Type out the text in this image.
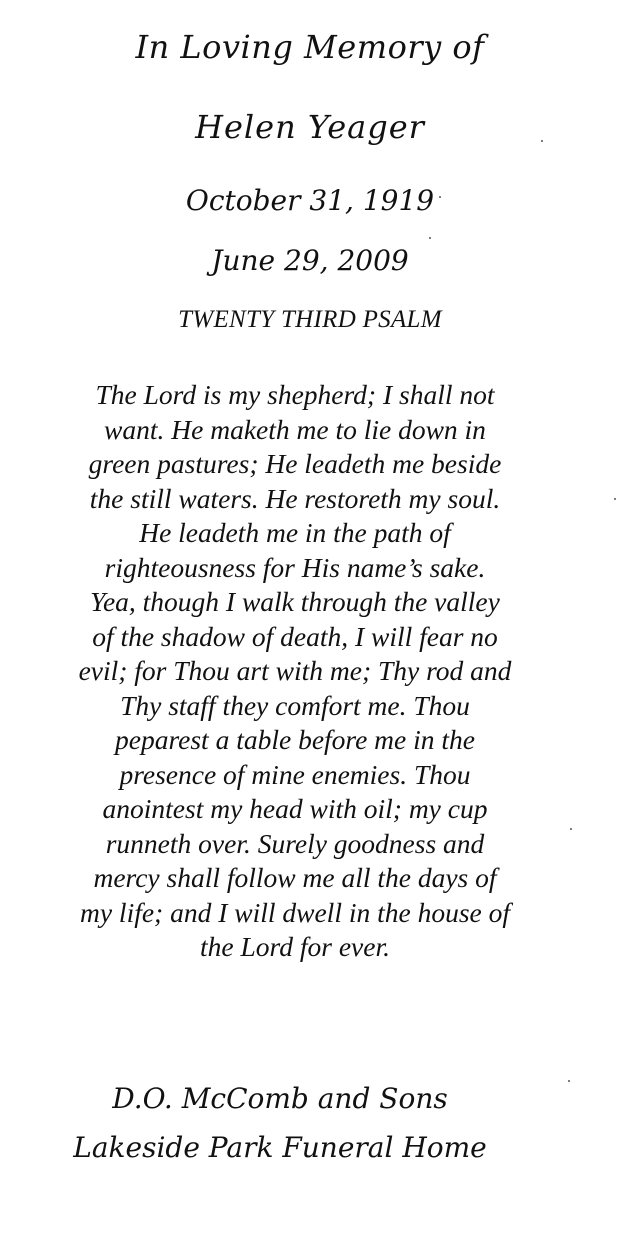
In Loving Memory of
Helen Yeager
October 31, 1919
June 29, 2009
TWENTY THIRD PSALM
The Lord is my shepherd; I shall not
want. He maketh me to lie down in
green pastures; He leadeth me beside
the still waters. He restoreth my soul.
He leadeth me in the path of
righteousness for His name’s sake.
Yea, though I walk through the valley
of the shadow of death, I will fear no
evil; for Thou art with me; Thy rod and
Thy staff they comfort me. Thou
peparest a table before me in the
presence of mine enemies. Thou
anointest my head with oil; my cup
runneth over. Surely goodness and
mercy shall follow me all the days of
my life; and I will dwell in the house of
the Lord for ever.
D.O. McComb and Sons
Lakeside Park Funeral Home
